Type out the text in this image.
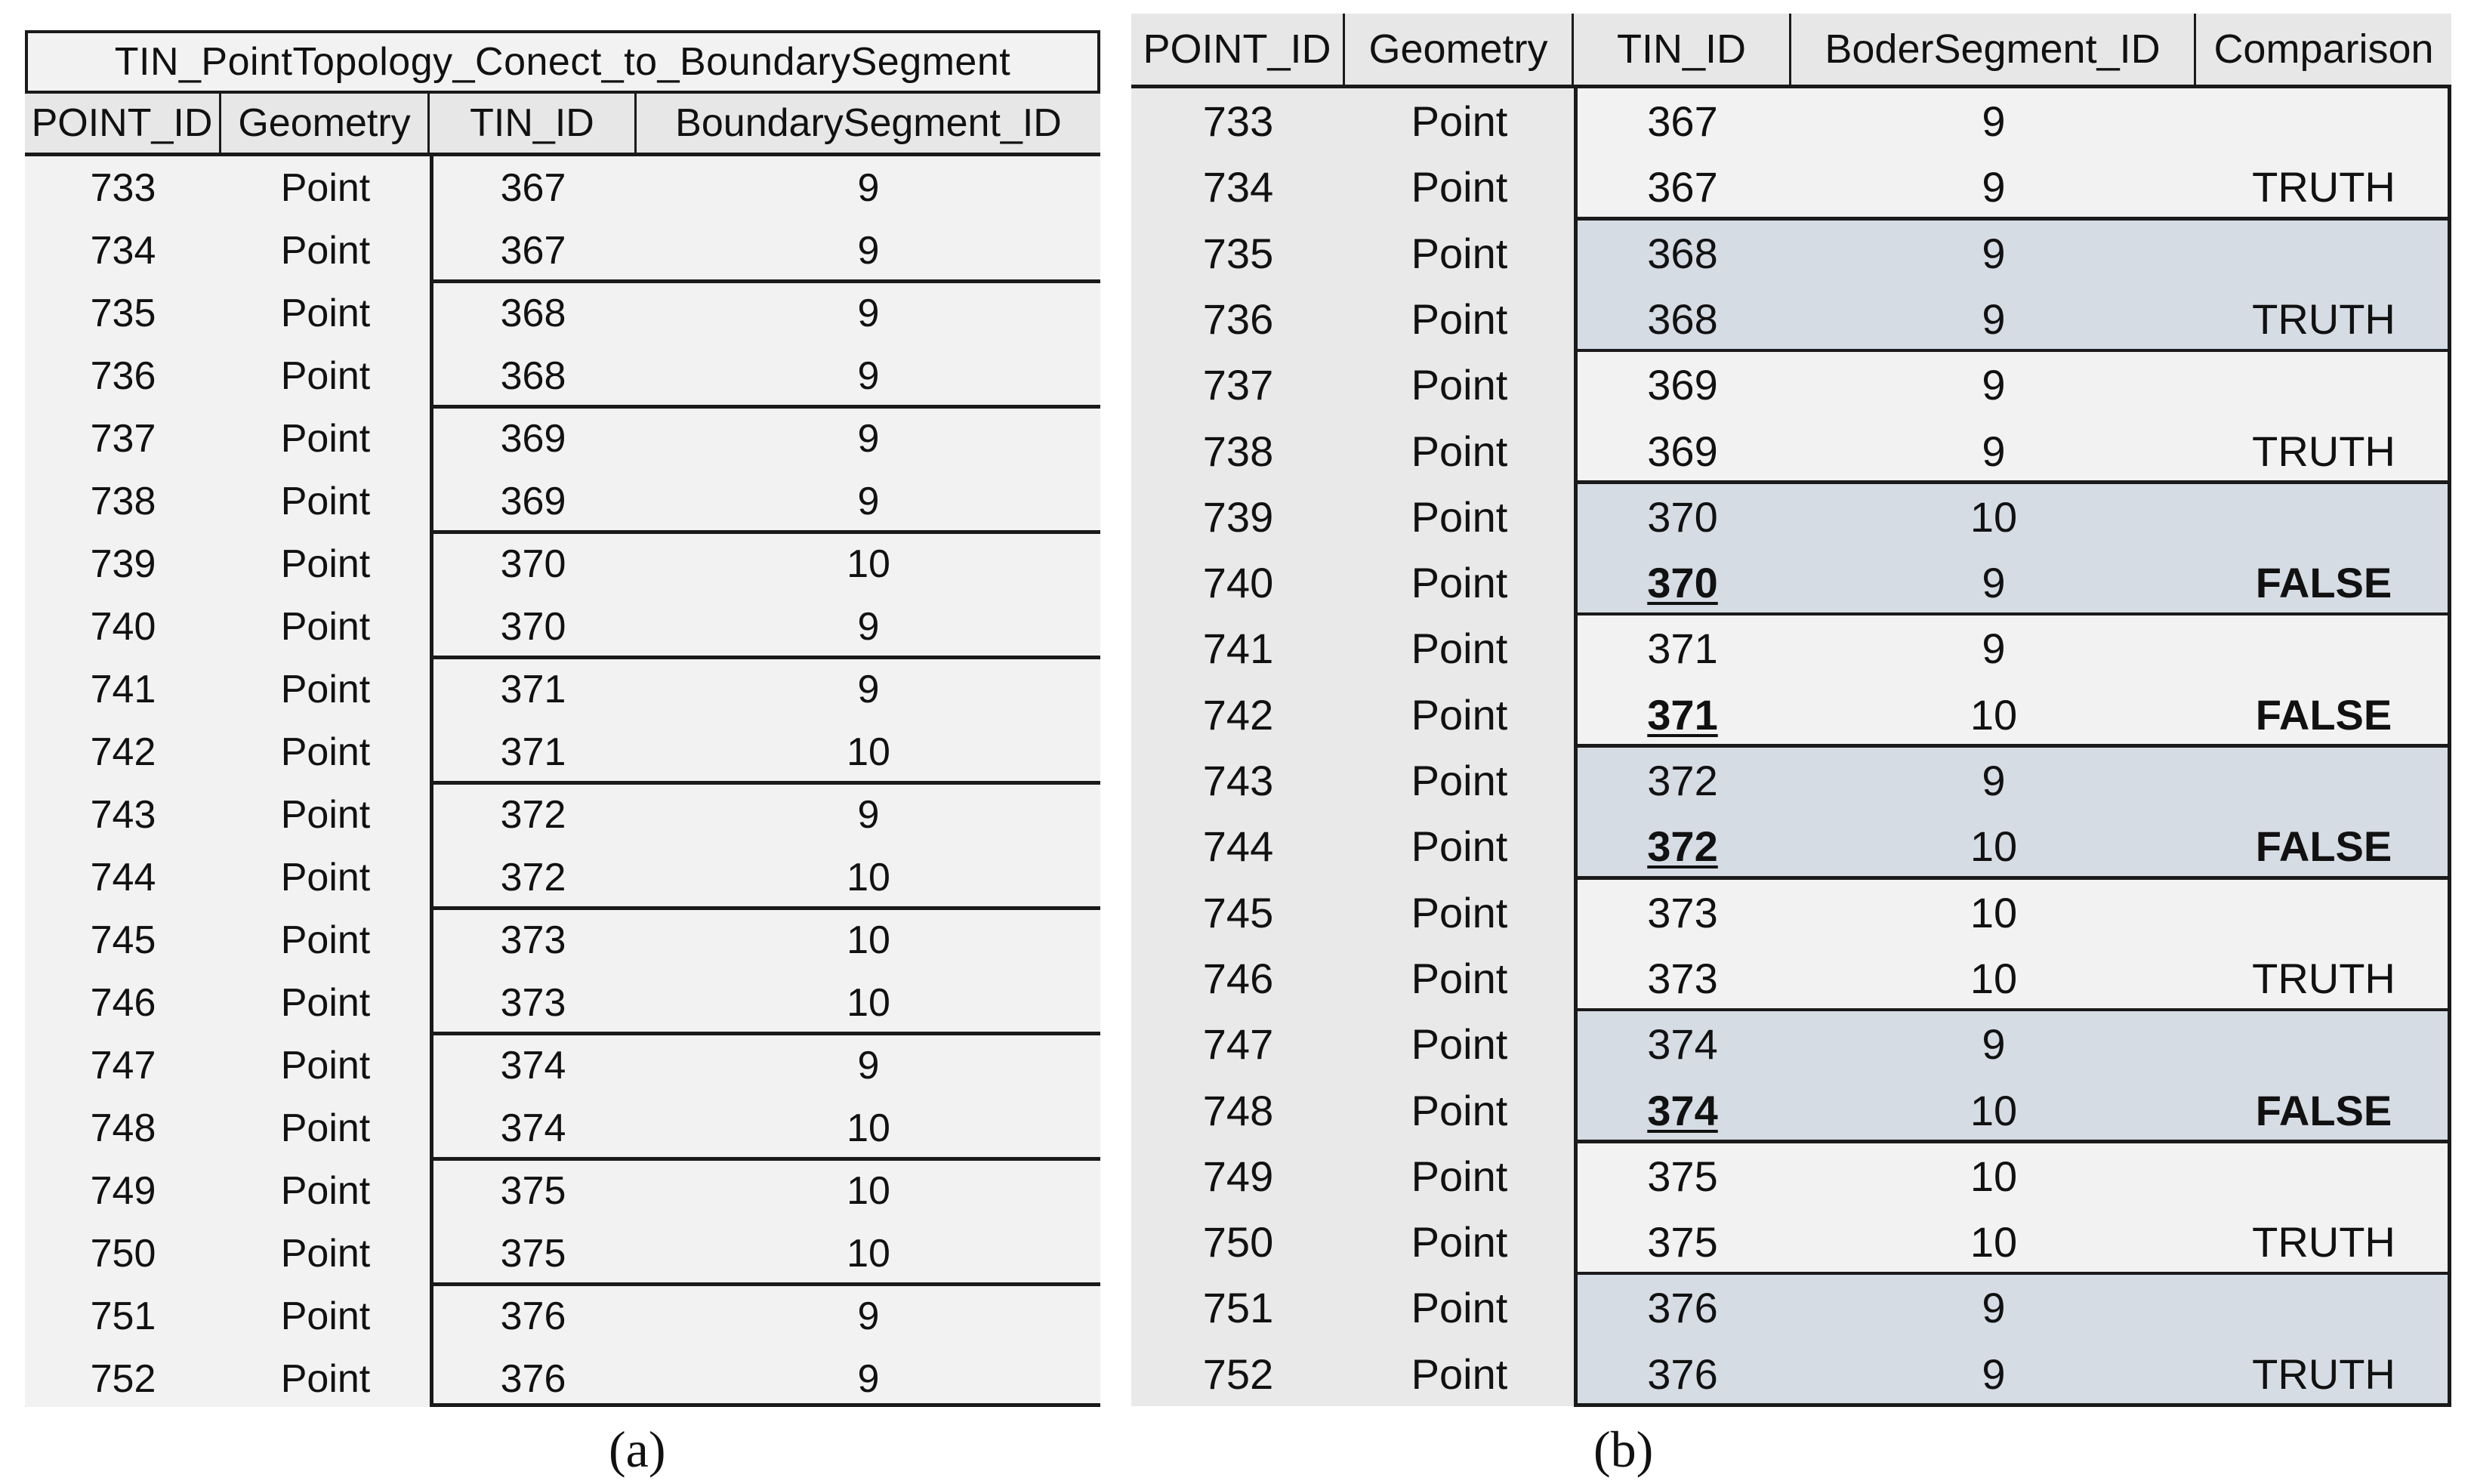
TIN_PointTopology_Conect_to_BoundarySegment
POINT_ID Geometry	TIN_ID	BoundarySegment_ID
733	Point	367	9
734	Point	367	9
735	Point	368	9
736	Point	368	9
737	Point	369	9
738	Point	369	9
739	Point	370	10
740	Point	370	9
741	Point	371	9
742	Point	371	10
743	Point	372	9
744	Point	372	10
745	Point	373	10
746	Point	373	10
747	Point	374	9
748	Point	374	10
749	Point	375	10
750	Point	375	10
751	Point	376	9
752	Point	376	9
POINT_ID Geometry	TIN_ID	BoderSegment_ID	Comparison
733	Point	367	9
734	Point	367	9	TRUTH
735	Point	368	9
736	Point	368	9	TRUTH
737	Point	369	9
738	Point	369	9	TRUTH
739	Point	370	10
740	Point	370	9	FALSE
741	Point	371	9
742	Point	371	10	FALSE
743	Point	372	9
744	Point	372	10	FALSE
745	Point	373	10
746	Point	373	10	TRUTH
747	Point	374	9
748	Point	374	10	FALSE
749	Point	375	10
750	Point	375	10	TRUTH
751	Point	376	9
752	Point	376	9	TRUTH
(a)	(b)
